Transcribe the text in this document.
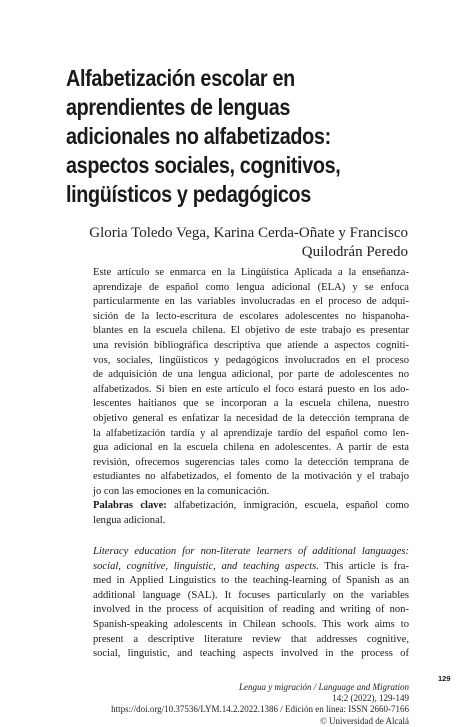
Alfabetización escolar en
aprendientes de lenguas
adicionales no alfabetizados:
aspectos sociales, cognitivos,
lingüísticos y pedagógicos
Gloria Toledo Vega, Karina Cerda-Oñate y Francisco
Quilodrán Peredo
Este artículo se enmarca en la Lingüística Aplicada a la enseñanza-
aprendizaje de español como lengua adicional (ELA) y se enfoca
particularmente en las variables involucradas en el proceso de adqui-
sición de la lecto-escritura de escolares adolescentes no hispanoha-
blantes en la escuela chilena. El objetivo de este trabajo es presentar
una revisión bibliográfica descriptiva que atiende a aspectos cogniti-
vos, sociales, lingüísticos y pedagógicos involucrados en el proceso
de adquisición de una lengua adicional, por parte de adolescentes no
alfabetizados. Si bien en este artículo el foco estará puesto en los ado-
lescentes haitianos que se incorporan a la escuela chilena, nuestro
objetivo general es enfatizar la necesidad de la detección temprana de
la alfabetización tardía y al aprendizaje tardío del español como len-
gua adicional en la escuela chilena en adolescentes. A partir de esta
revisión, ofrecemos sugerencias tales como la detección temprana de
estudiantes no alfabetizados, el fomento de la motivación y el trabajo
jo con las emociones en la comunicación.
Palabras clave: alfabetización, inmigración, escuela, español como
lengua adicional.
Literacy education for non-literate learners of additional languages:
social, cognitive, linguistic, and teaching aspects. This article is fra-
med in Applied Linguistics to the teaching-learning of Spanish as an
additional language (SAL). It focuses particularly on the variables
involved in the process of acquisition of reading and writing of non-
Spanish-speaking adolescents in Chilean schools. This work aims to
present a descriptive literature review that addresses cognitive,
social, linguistic, and teaching aspects involved in the process of
129
Lengua y migración / Language and Migration
14:2 (2022), 129-149
https://doi.org/10.37536/LYM.14.2.2022.1386 / Edición en línea: ISSN 2660-7166
© Universidad de Alcalá
